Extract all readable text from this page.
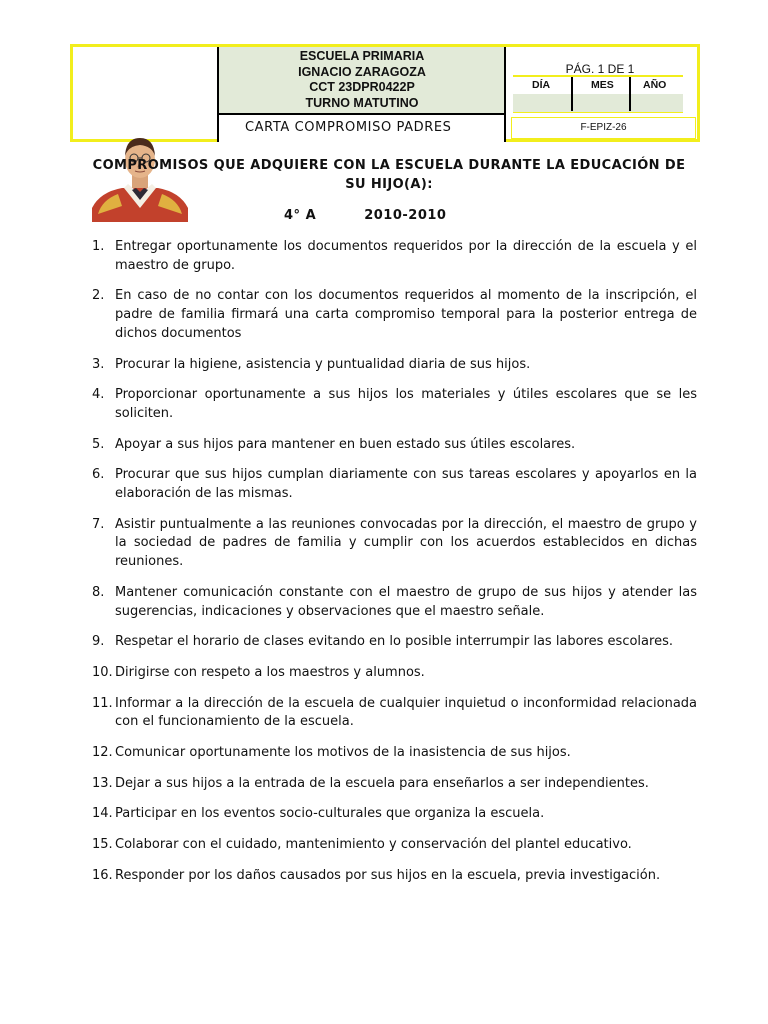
ESCUELA PRIMARIA
IGNACIO ZARAGOZA
CCT 23DPR0422P
TURNO MATUTINO
CARTA COMPROMISO PADRES
PÁG. 1 DE 1
DÍA	MES	AÑO
F-EPIZ-26
COMPROMISOS QUE ADQUIERE CON LA ESCUELA DURANTE LA EDUCACIÓN DE SU HIJO(A):
4° A	2010-2010
1. Entregar oportunamente los documentos requeridos por la dirección de la escuela y el maestro de grupo.
2. En caso de no contar con los documentos requeridos al momento de la inscripción, el padre de familia firmará una carta compromiso temporal para la posterior entrega de dichos documentos
3. Procurar la higiene, asistencia y puntualidad diaria de sus hijos.
4. Proporcionar oportunamente a sus hijos los materiales y útiles escolares que se les soliciten.
5. Apoyar a sus hijos para mantener en buen estado sus útiles escolares.
6. Procurar que sus hijos cumplan diariamente con sus tareas escolares y apoyarlos en la elaboración de las mismas.
7. Asistir puntualmente a las reuniones convocadas por la dirección, el maestro de grupo y la sociedad de padres de familia y cumplir con los acuerdos establecidos en dichas reuniones.
8. Mantener comunicación constante con el maestro de grupo de sus hijos y atender las sugerencias, indicaciones y observaciones que el maestro señale.
9. Respetar el horario de clases evitando en lo posible interrumpir las labores escolares.
10. Dirigirse con respeto a los maestros y alumnos.
11. Informar a la dirección de la escuela de cualquier inquietud o inconformidad relacionada con el funcionamiento de la escuela.
12. Comunicar oportunamente los motivos de la inasistencia de sus hijos.
13. Dejar a sus hijos a la entrada de la escuela para enseñarlos a ser independientes.
14. Participar en los eventos socio-culturales que organiza la escuela.
15. Colaborar con el cuidado, mantenimiento y conservación del plantel educativo.
16. Responder por los daños causados por sus hijos en la escuela, previa investigación.
